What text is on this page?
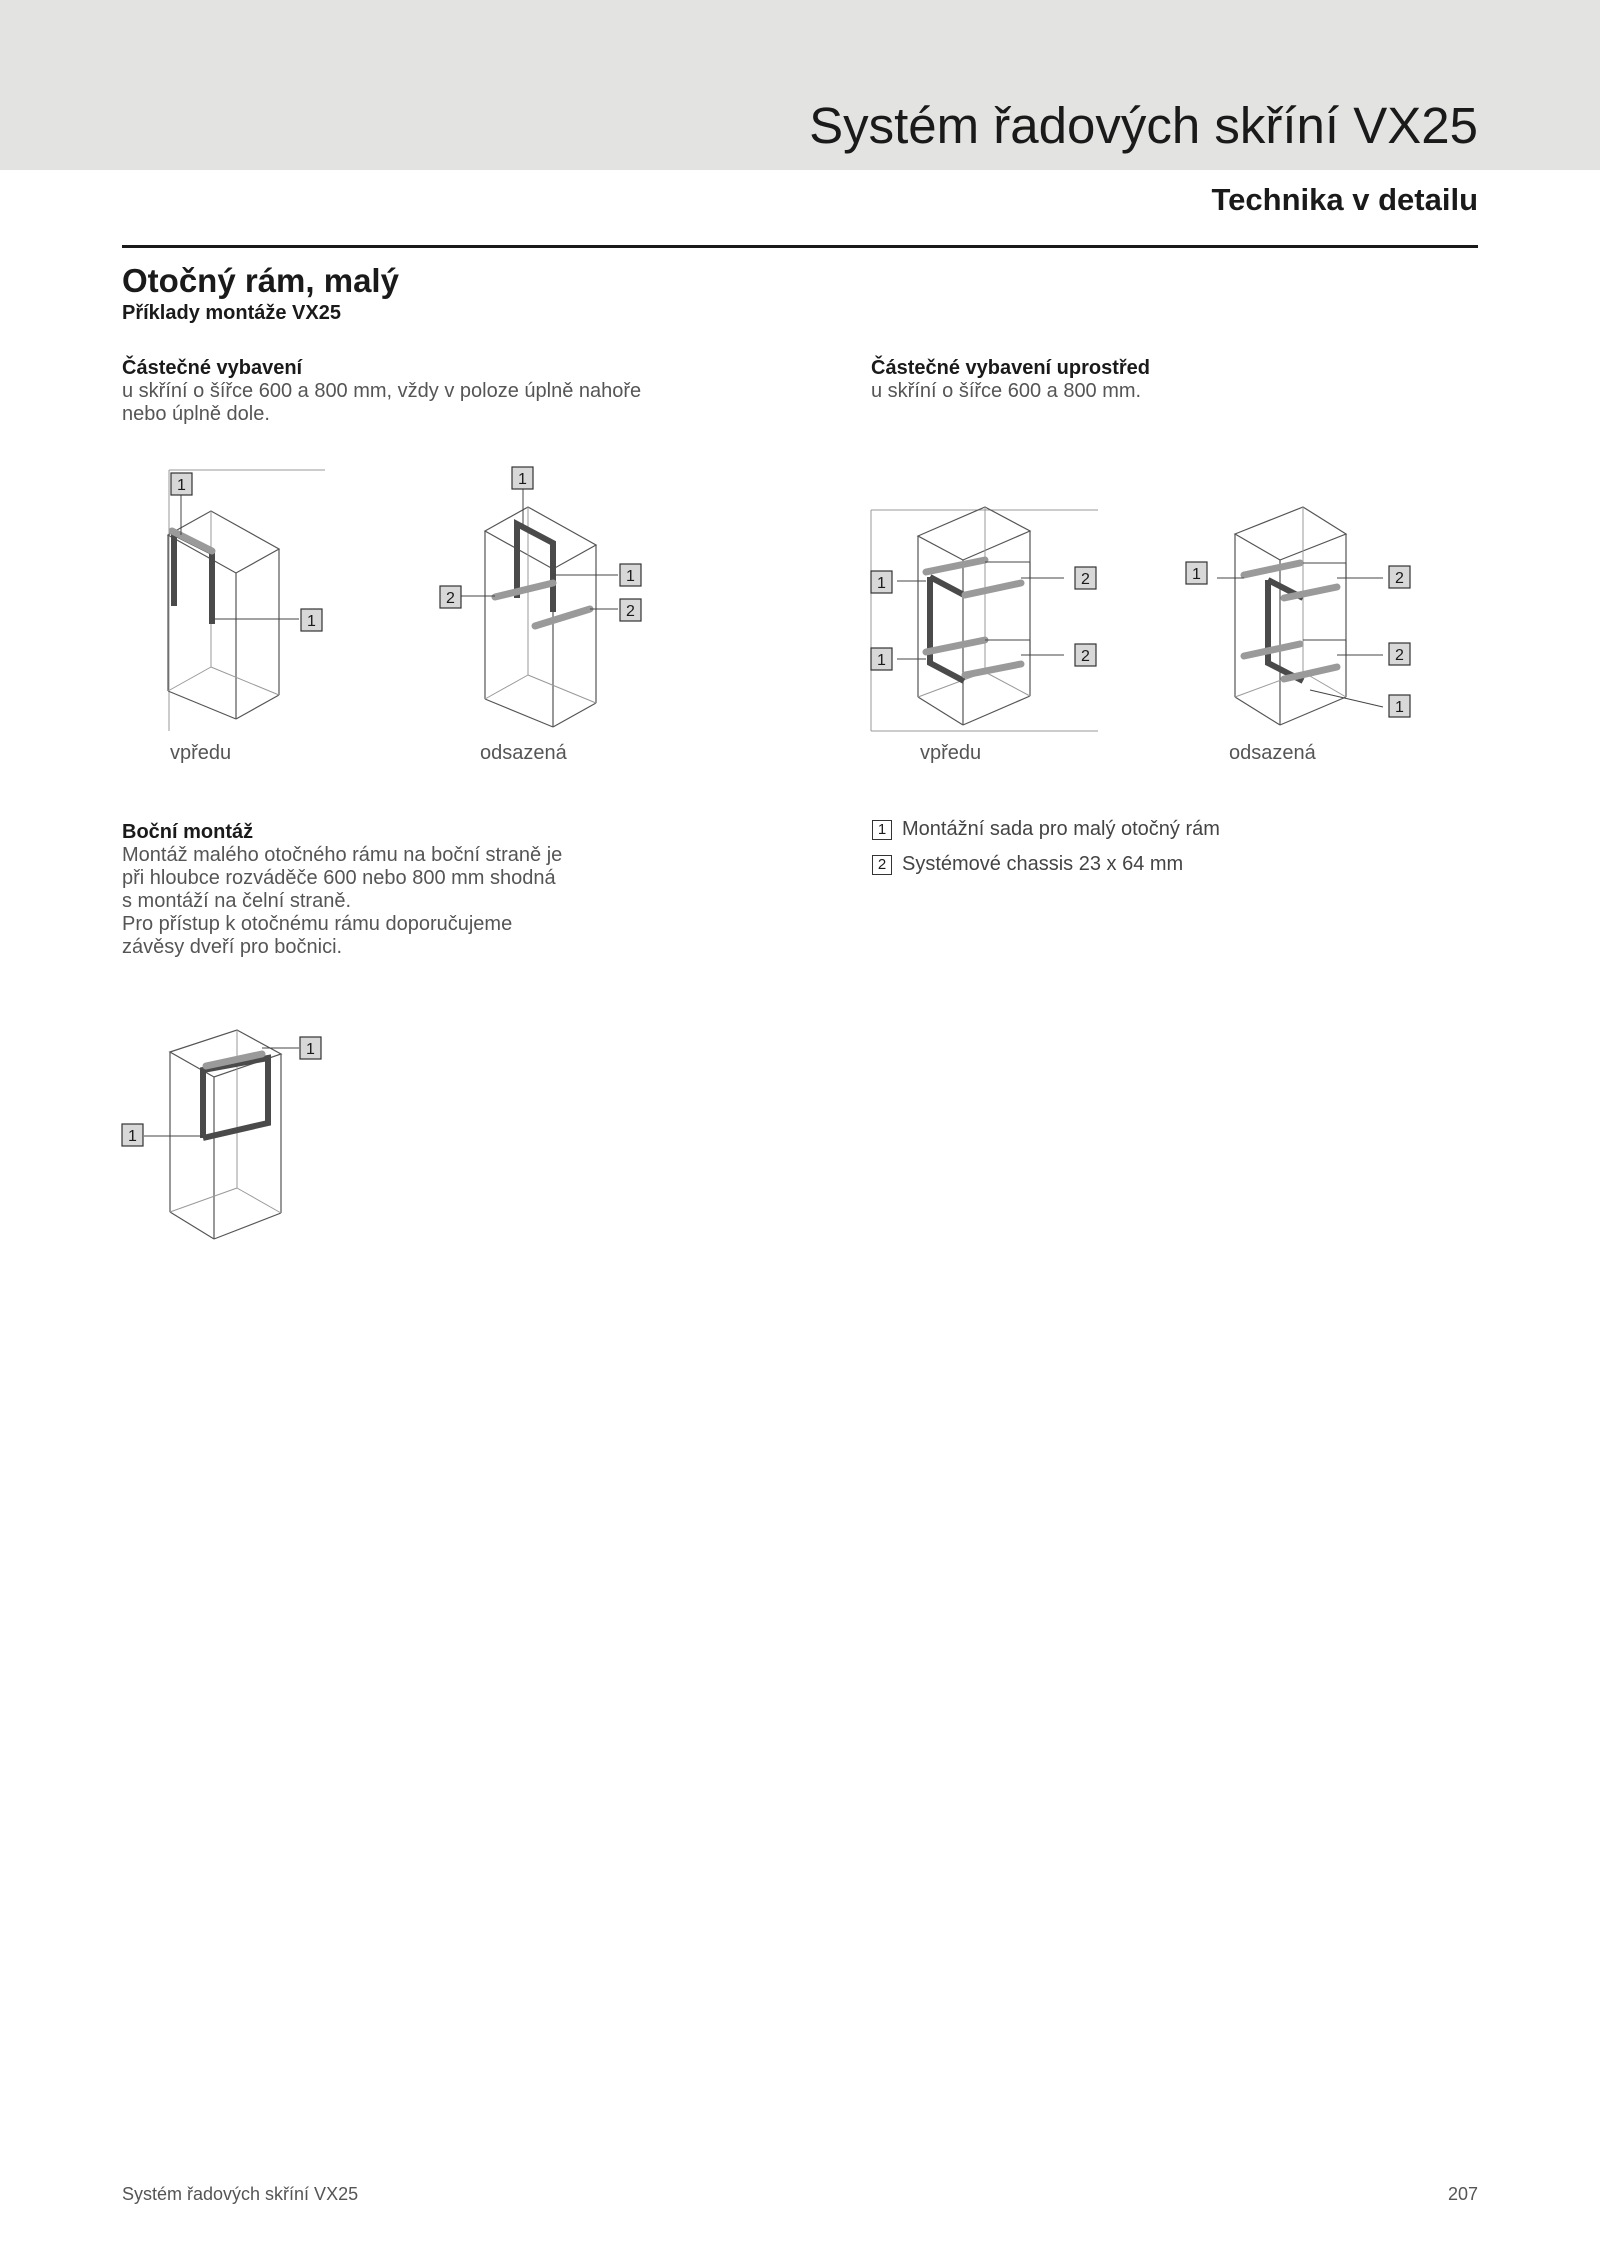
Systém řadových skříní VX25
Technika v detailu
Otočný rám, malý
Příklady montáže VX25
Částečné vybavení
u skříní o šířce 600 a 800 mm, vždy v poloze úplně nahoře
nebo úplně dole.
Částečné vybavení uprostřed
u skříní o šířce 600 a 800 mm.
1
1
1
2
1
2
1
1
2
2
1	2
2
1
1
1
vpředu	odsazená	vpředu	odsazená
Boční montáž
Montáž malého otočného rámu na boční straně je
při hloubce rozváděče 600 nebo 800 mm shodná
s montáží na čelní straně.
Pro přístup k otočnému rámu doporučujeme
závěsy dveří pro bočnici.
1 Montážní sada pro malý otočný rám
2 Systémové chassis 23 x 64 mm
Systém řadových skříní VX25	207
